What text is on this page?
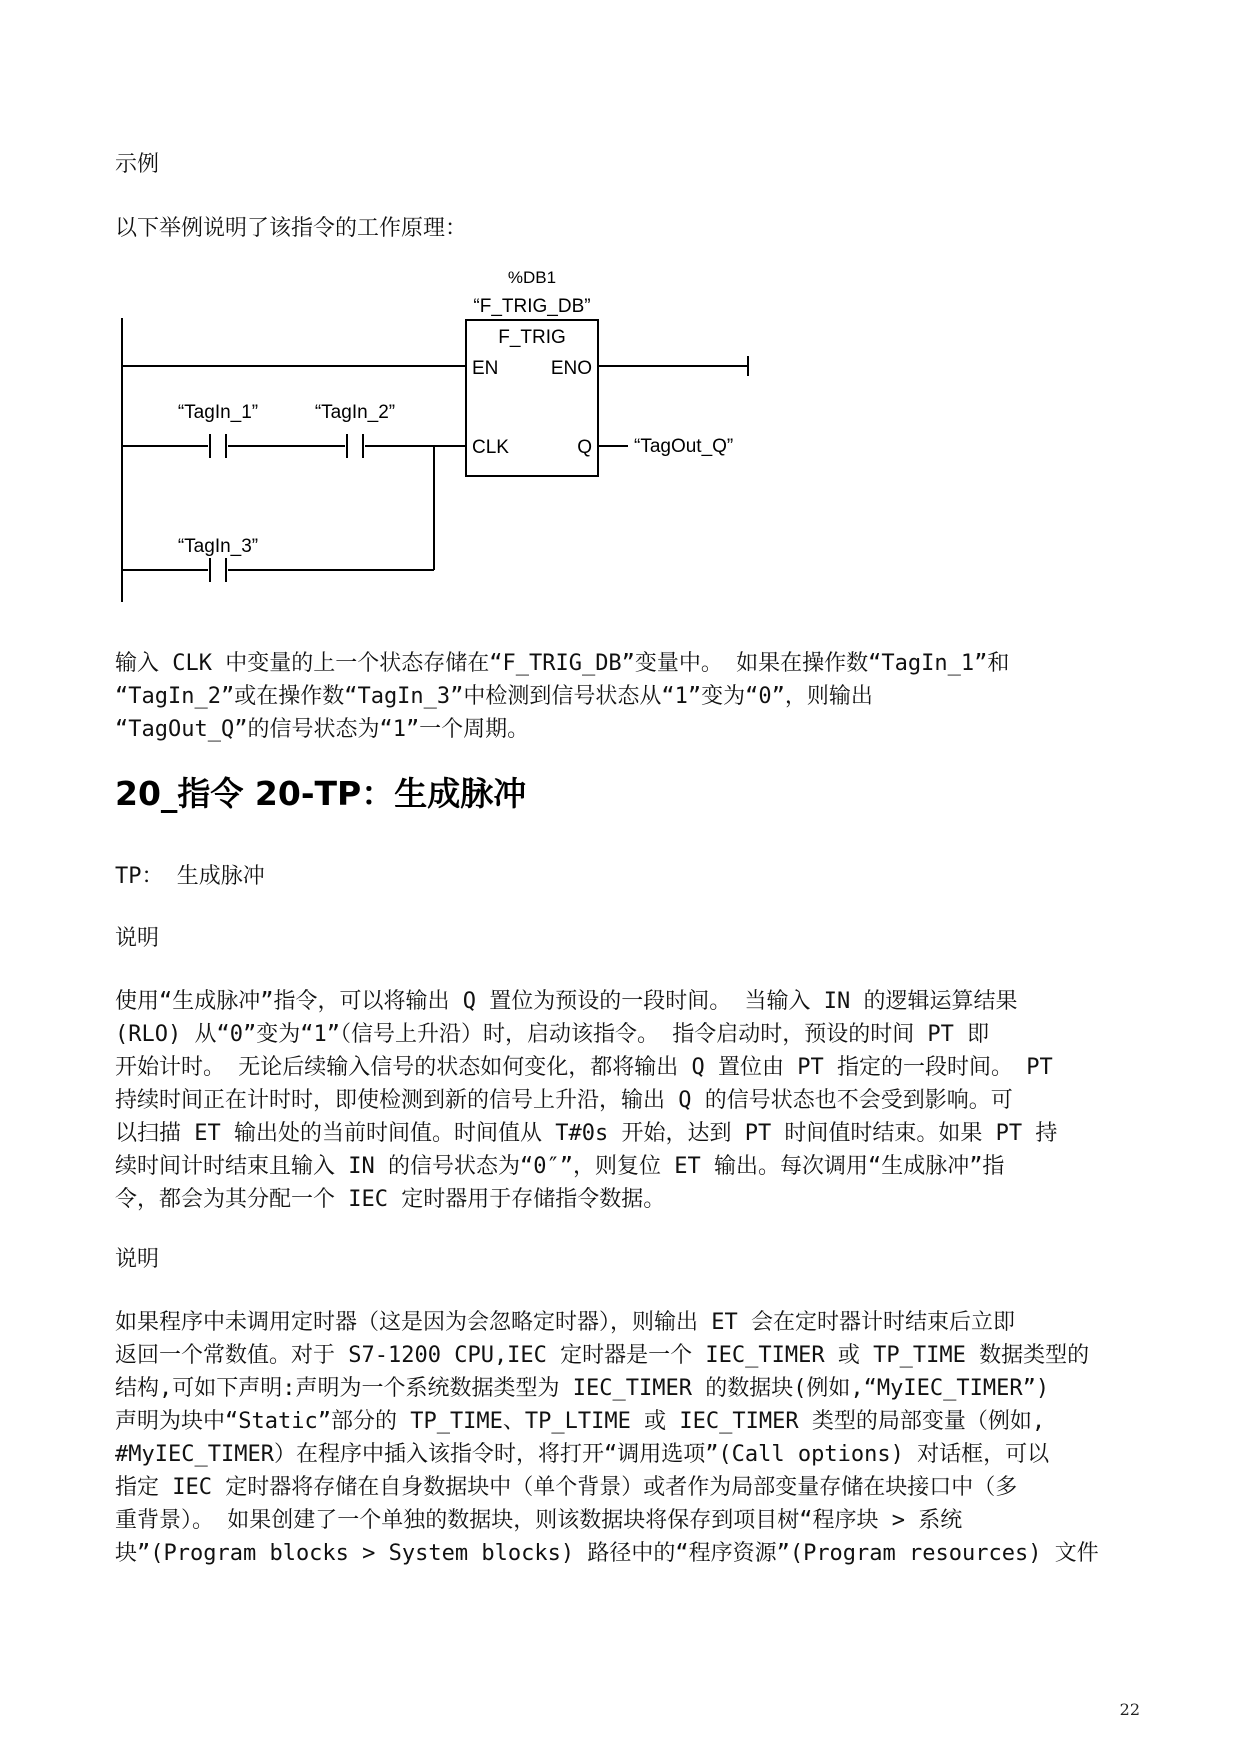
示例
以下举例说明了该指令的工作原理：
%DB1
“F_TRIG_DB”
F_TRIG
EN	ENO
CLK	Q
“TagIn_1”	“TagIn_2”
“TagIn_3”
“TagOut_Q”
输入 CLK 中变量的上一个状态存储在“F_TRIG_DB”变量中。 如果在操作数“TagIn_1”和
“TagIn_2”或在操作数“TagIn_3”中检测到信号状态从“1”变为“0”，则输出
“TagOut_Q”的信号状态为“1”一个周期。
20_指令 20-TP：生成脉冲
TP： 生成脉冲
说明
使用“生成脉冲”指令，可以将输出 Q 置位为预设的一段时间。 当输入 IN 的逻辑运算结果
(RLO) 从“0”变为“1”（信号上升沿）时，启动该指令。 指令启动时，预设的时间 PT 即
开始计时。 无论后续输入信号的状态如何变化，都将输出 Q 置位由 PT 指定的一段时间。 PT
持续时间正在计时时，即使检测到新的信号上升沿，输出 Q 的信号状态也不会受到影响。可
以扫描 ET 输出处的当前时间值。时间值从 T#0s 开始，达到 PT 时间值时结束。如果 PT 持
续时间计时结束且输入 IN 的信号状态为“0″”，则复位 ET 输出。每次调用“生成脉冲”指
令，都会为其分配一个 IEC 定时器用于存储指令数据。
说明
如果程序中未调用定时器（这是因为会忽略定时器），则输出 ET 会在定时器计时结束后立即
返回一个常数值。对于 S7-1200 CPU,IEC 定时器是一个 IEC_TIMER 或 TP_TIME 数据类型的
结构,可如下声明:声明为一个系统数据类型为 IEC_TIMER 的数据块(例如,“MyIEC_TIMER”)
声明为块中“Static”部分的 TP_TIME、TP_LTIME 或 IEC_TIMER 类型的局部变量（例如,
#MyIEC_TIMER）在程序中插入该指令时，将打开“调用选项”(Call options) 对话框，可以
指定 IEC 定时器将存储在自身数据块中（单个背景）或者作为局部变量存储在块接口中（多
重背景）。 如果创建了一个单独的数据块，则该数据块将保存到项目树“程序块 > 系统
块”(Program blocks > System blocks) 路径中的“程序资源”(Program resources) 文件
22
